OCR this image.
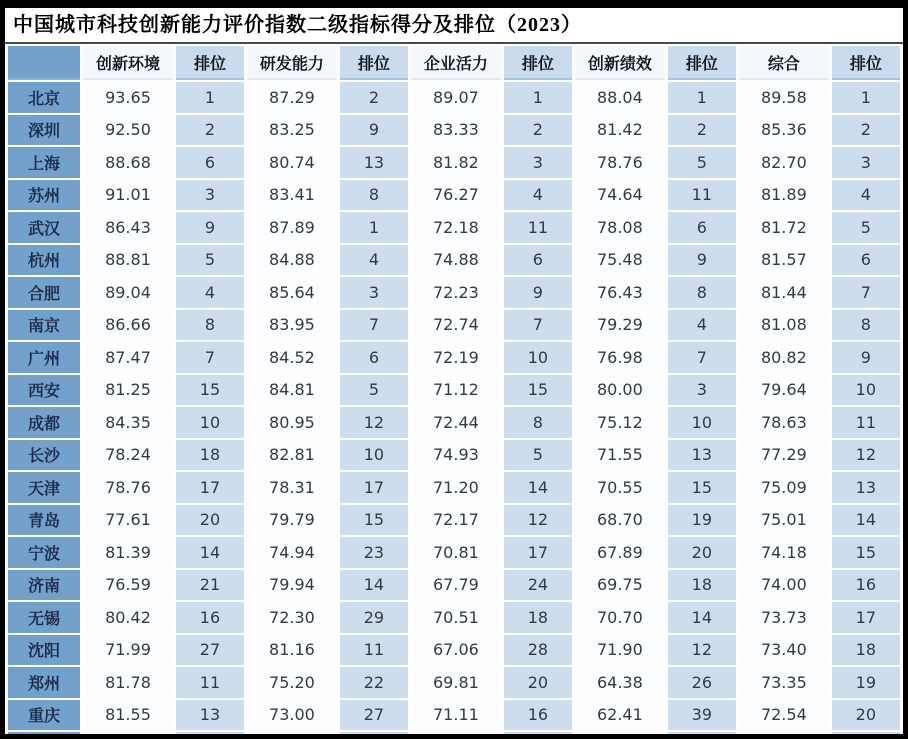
中国城市科技创新能力评价指数二级指标得分及排位（2023）
	创新环境	排位	研发能力	排位	企业活力	排位	创新绩效	排位	综合	排位
北京	93.65	1	87.29	2	89.07	1	88.04	1	89.58	1
深圳	92.50	2	83.25	9	83.33	2	81.42	2	85.36	2
上海	88.68	6	80.74	13	81.82	3	78.76	5	82.70	3
苏州	91.01	3	83.41	8	76.27	4	74.64	11	81.89	4
武汉	86.43	9	87.89	1	72.18	11	78.08	6	81.72	5
杭州	88.81	5	84.88	4	74.88	6	75.48	9	81.57	6
合肥	89.04	4	85.64	3	72.23	9	76.43	8	81.44	7
南京	86.66	8	83.95	7	72.74	7	79.29	4	81.08	8
广州	87.47	7	84.52	6	72.19	10	76.98	7	80.82	9
西安	81.25	15	84.81	5	71.12	15	80.00	3	79.64	10
成都	84.35	10	80.95	12	72.44	8	75.12	10	78.63	11
长沙	78.24	18	82.81	10	74.93	5	71.55	13	77.29	12
天津	78.76	17	78.31	17	71.20	14	70.55	15	75.09	13
青岛	77.61	20	79.79	15	72.17	12	68.70	19	75.01	14
宁波	81.39	14	74.94	23	70.81	17	67.89	20	74.18	15
济南	76.59	21	79.94	14	67.79	24	69.75	18	74.00	16
无锡	80.42	16	72.30	29	70.51	18	70.70	14	73.73	17
沈阳	71.99	27	81.16	11	67.06	28	71.90	12	73.40	18
郑州	81.78	11	75.20	22	69.81	20	64.38	26	73.35	19
重庆	81.55	13	73.00	27	71.11	16	62.41	39	72.54	20
